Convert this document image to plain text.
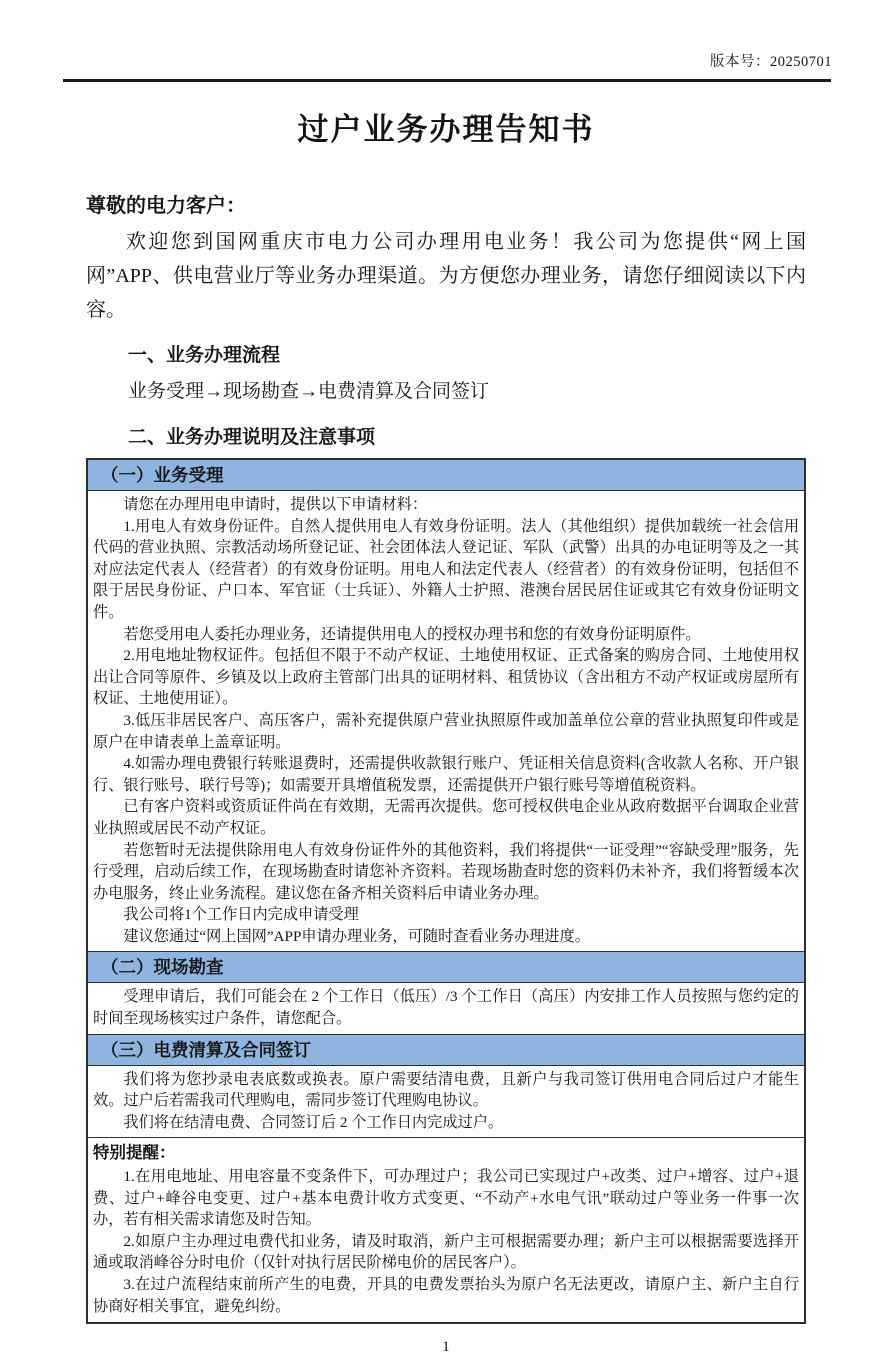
版本号：20250701
过户业务办理告知书
尊敬的电力客户：

欢迎您到国网重庆市电力公司办理用电业务！我公司为您提供“网上国网”APP、供电营业厅等业务办理渠道。为方便您办理业务，请您仔细阅读以下内容。

一、业务办理流程
业务受理→现场勘查→电费清算及合同签订
二、业务办理说明及注意事项
（一）业务受理

请您在办理用电申请时，提供以下申请材料：

1.用电人有效身份证件。自然人提供用电人有效身份证明。法人（其他组织）提供加载统一社会信用代码的营业执照、宗教活动场所登记证、社会团体法人登记证、军队（武警）出具的办电证明等及之一其对应法定代表人（经营者）的有效身份证明。用电人和法定代表人（经营者）的有效身份证明，包括但不限于居民身份证、户口本、军官证（士兵证）、外籍人士护照、港澳台居民居住证或其它有效身份证明文件。

若您受用电人委托办理业务，还请提供用电人的授权办理书和您的有效身份证明原件。

2.用电地址物权证件。包括但不限于不动产权证、土地使用权证、正式备案的购房合同、土地使用权出让合同等原件、乡镇及以上政府主管部门出具的证明材料、租赁协议（含出租方不动产权证或房屋所有权证、土地使用证）。

3.低压非居民客户、高压客户，需补充提供原户营业执照原件或加盖单位公章的营业执照复印件或是原户在申请表单上盖章证明。

4.如需办理电费银行转账退费时，还需提供收款银行账户、凭证相关信息资料(含收款人名称、开户银行、银行账号、联行号等)；如需要开具增值税发票，还需提供开户银行账号等增值税资料。

已有客户资料或资质证件尚在有效期，无需再次提供。您可授权供电企业从政府数据平台调取企业营业执照或居民不动产权证。

若您暂时无法提供除用电人有效身份证件外的其他资料，我们将提供“一证受理”“容缺受理”服务，先行受理，启动后续工作，在现场勘查时请您补齐资料。若现场勘查时您的资料仍未补齐，我们将暂缓本次办电服务，终止业务流程。建议您在备齐相关资料后申请业务办理。

我公司将1个工作日内完成申请受理

建议您通过“网上国网”APP申请办理业务，可随时查看业务办理进度。

（二）现场勘查

受理申请后，我们可能会在 2 个工作日（低压）/3 个工作日（高压）内安排工作人员按照与您约定的时间至现场核实过户条件，请您配合。

（三）电费清算及合同签订

我们将为您抄录电表底数或换表。原户需要结清电费，且新户与我司签订供用电合同后过户才能生效。过户后若需我司代理购电，需同步签订代理购电协议。

我们将在结清电费、合同签订后 2 个工作日内完成过户。

特别提醒：

1.在用电地址、用电容量不变条件下，可办理过户；我公司已实现过户+改类、过户+增容、过户+退费、过户+峰谷电变更、过户+基本电费计收方式变更、“不动产+水电气讯”联动过户等业务一件事一次办，若有相关需求请您及时告知。

2.如原户主办理过电费代扣业务，请及时取消，新户主可根据需要办理；新户主可以根据需要选择开通或取消峰谷分时电价（仅针对执行居民阶梯电价的居民客户）。

3.在过户流程结束前所产生的电费，开具的电费发票抬头为原户名无法更改，请原户主、新户主自行协商好相关事宜，避免纠纷。

1
